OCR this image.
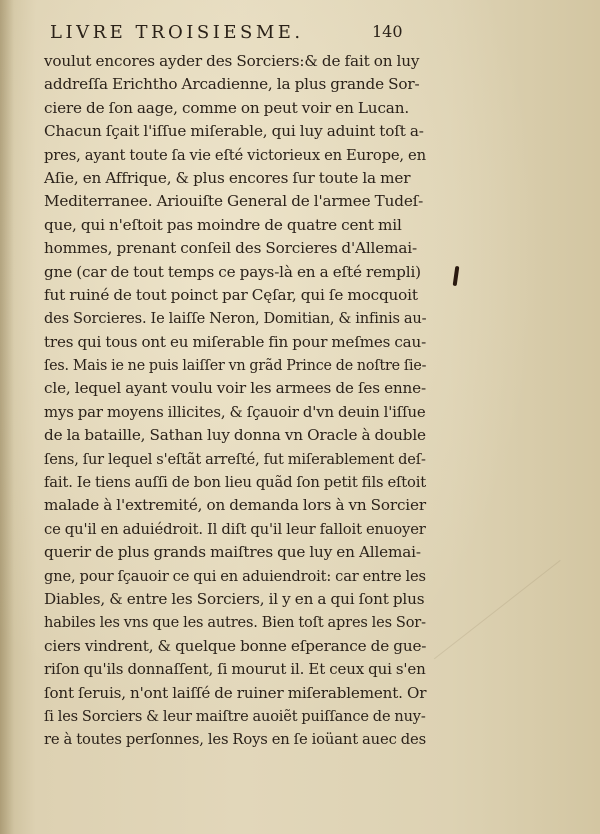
LIVRE TROISIESME.	140
voulut encores ayder des Sorciers:& de fait on luy
addreſſa Erichtho Arcadienne, la plus grande Sor-
ciere de ſon aage, comme on peut voir en Lucan.
Chacun ſçait l'iſſue miſerable, qui luy aduint toſt a-
pres, ayant toute ſa vie eſté victorieux en Europe, en
Aſie, en Affrique, & plus encores ſur toute la mer
Mediterranee. Ariouiſte General de l'armee Tudeſ-
que, qui n'eſtoit pas moindre de quatre cent mil
hommes, prenant conſeil des Sorcieres d'Allemai-
gne (car de tout temps ce pays-là en a eſté rempli)
fut ruiné de tout poinct par Cęſar, qui ſe mocquoit
des Sorcieres. Ie laiſſe Neron, Domitian, & infinis au-
tres qui tous ont eu miſerable fin pour meſmes cau-
ſes. Mais ie ne puis laiſſer vn grãd Prince de noſtre ſie-
cle, lequel ayant voulu voir les armees de ſes enne-
mys par moyens illicites, & ſçauoir d'vn deuin l'iſſue
de la bataille, Sathan luy donna vn Oracle à double
ſens, ſur lequel s'eſtãt arreſté, fut miſerablement deſ-
fait. Ie tiens auſſi de bon lieu quãd ſon petit fils eſtoit
malade à l'extremité, on demanda lors à vn Sorcier
ce qu'il en aduiédroit. Il diſt qu'il leur falloit enuoyer
querir de plus grands maiſtres que luy en Allemai-
gne, pour ſçauoir ce qui en aduiendroit: car entre les
Diables, & entre les Sorciers, il y en a qui ſont plus
habiles les vns que les autres. Bien toſt apres les Sor-
ciers vindrent, & quelque bonne eſperance de gue-
riſon qu'ils donnaſſent, ſi mourut il. Et ceux qui s'en
ſont ſeruis, n'ont laiſſé de ruiner miſerablement. Or
ſi les Sorciers & leur maiſtre auoiẽt puiſſance de nuy-
re à toutes perſonnes, les Roys en ſe ioüant auec des
